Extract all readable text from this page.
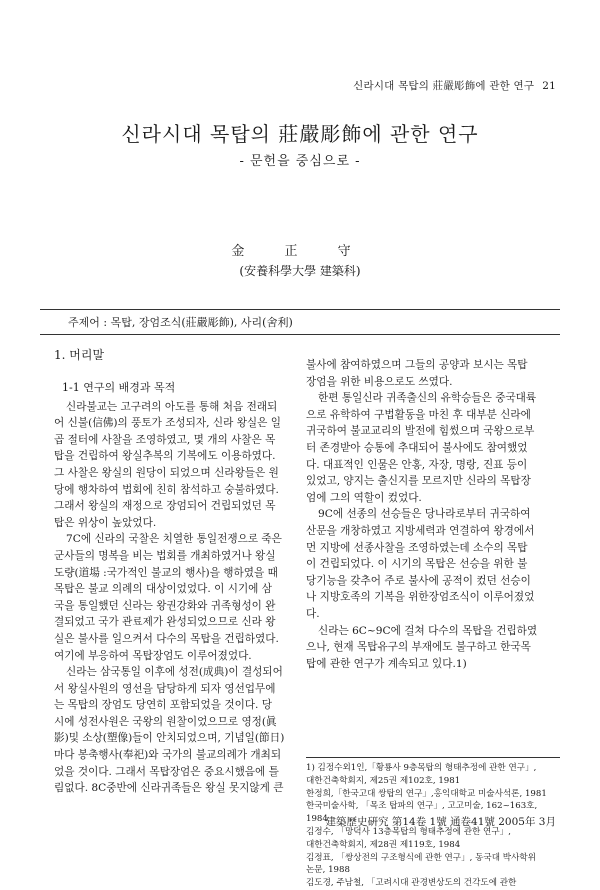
신라시대 목탑의 莊嚴彫飾에 관한 연구 21
신라시대 목탑의 莊嚴彫飾에 관한 연구
- 문헌을 중심으로 -
金 正 守
(安養科學大學 建築科)
주제어 : 목탑, 장엄조식(莊嚴彫飾), 사리(舍利)
1. 머리말
1-1 연구의 배경과 목적

신라불교는 고구려의 아도를 통해 처음 전래되

어 신불(信佛)의 풍토가 조성되자, 신라 왕실은 일

곱 절터에 사찰을 조영하였고, 몇 개의 사찰은 목

탑을 건립하여 왕실추복의 기복에도 이용하였다.

그 사찰은 왕실의 원당이 되었으며 신라왕들은 원

당에 행차하여 법회에 친히 참석하고 숭불하였다.

그래서 왕실의 재정으로 장엄되어 건립되었던 목

탑은 위상이 높았었다.

7C에 신라의 국찰은 치열한 통일전쟁으로 죽은

군사들의 명복을 비는 법회를 개최하였거나 왕실

도량(道場 :국가적인 불교의 행사)을 행하였을 때

목탑은 불교 의례의 대상이었었다. 이 시기에 삼

국을 통일했던 신라는 왕권강화와 귀족형성이 완

결되었고 국가 관료제가 완성되었으므로 신라 왕

실은 불사를 일으켜서 다수의 목탑을 건립하였다.

여기에 부응하여 목탑장엄도 이루어졌었다.

신라는 삼국통일 이후에 성전(成典)이 결성되어

서 왕실사원의 영선을 담당하게 되자 영선업무에

는 목탑의 장엄도 당연히 포함되었을 것이다. 당

시에 성전사원은 국왕의 원찰이었으므로 영정(眞

影)및 소상(塑像)들이 안치되었으며, 기념일(節日)

마다 봉축행사(奉祀)와 국가의 불교의례가 개최되

었을 것이다. 그래서 목탑장엄은 중요시했음에 틀

림없다. 8C중반에 신라귀족들은 왕실 못지않게 큰

불사에 참여하였으며 그들의 공양과 보시는 목탑

장엄을 위한 비용으로도 쓰였다.

한편 통일신라 귀족출신의 유학승들은 중국대륙

으로 유학하여 구법활동을 마친 후 대부분 신라에

귀국하여 불교교리의 발전에 힘썼으며 국왕으로부

터 존경받아 승통에 추대되어 불사에도 참여했었

다. 대표적인 인물은 안홍, 자장, 명랑, 진표 등이

있었고, 양지는 출신지를 모르지만 신라의 목탑장

엄에 그의 역할이 컸었다.

9C에 선종의 선승들은 당나라로부터 귀국하여

산문을 개창하였고 지방세력과 연결하여 왕경에서

먼 지방에 선종사찰을 조영하였는데 소수의 목탑

이 건립되었다. 이 시기의 목탑은 선승을 위한 불

당기능을 갖추어 주로 불사에 공적이 컸던 선승이

나 지방호족의 기복을 위한장엄조식이 이루어졌었

다.

신라는 6C~9C에 걸쳐 다수의 목탑을 건립하였

으나, 현재 목탑유구의 부재에도 불구하고 한국목

탑에 관한 연구가 계속되고 있다.1)

1) 김정수외1인,「황룡사 9층목탑의 형태추정에 관한 연구」,
대한건축학회지, 제25권 제102호, 1981
한정희,「한국고대 쌍탑의 연구」,홍익대학교 미술사석론, 1981
한국미술사학, 「목조 탑파의 연구」, 고고미술, 162~163호,
1984
김정수, 「망덕사 13층목탑의 형태추정에 관한 연구」,
대한건축학회지, 제28권 제119호, 1984
김정표, 「쌍상전의 구조형식에 관한 연구」, 동국대 박사학위
논문, 1988
김도경, 주남철, 「고려시대 관경변상도의 건각도에 관한
建築歷史硏究 第14卷 1號 通卷41號 2005年 3月
